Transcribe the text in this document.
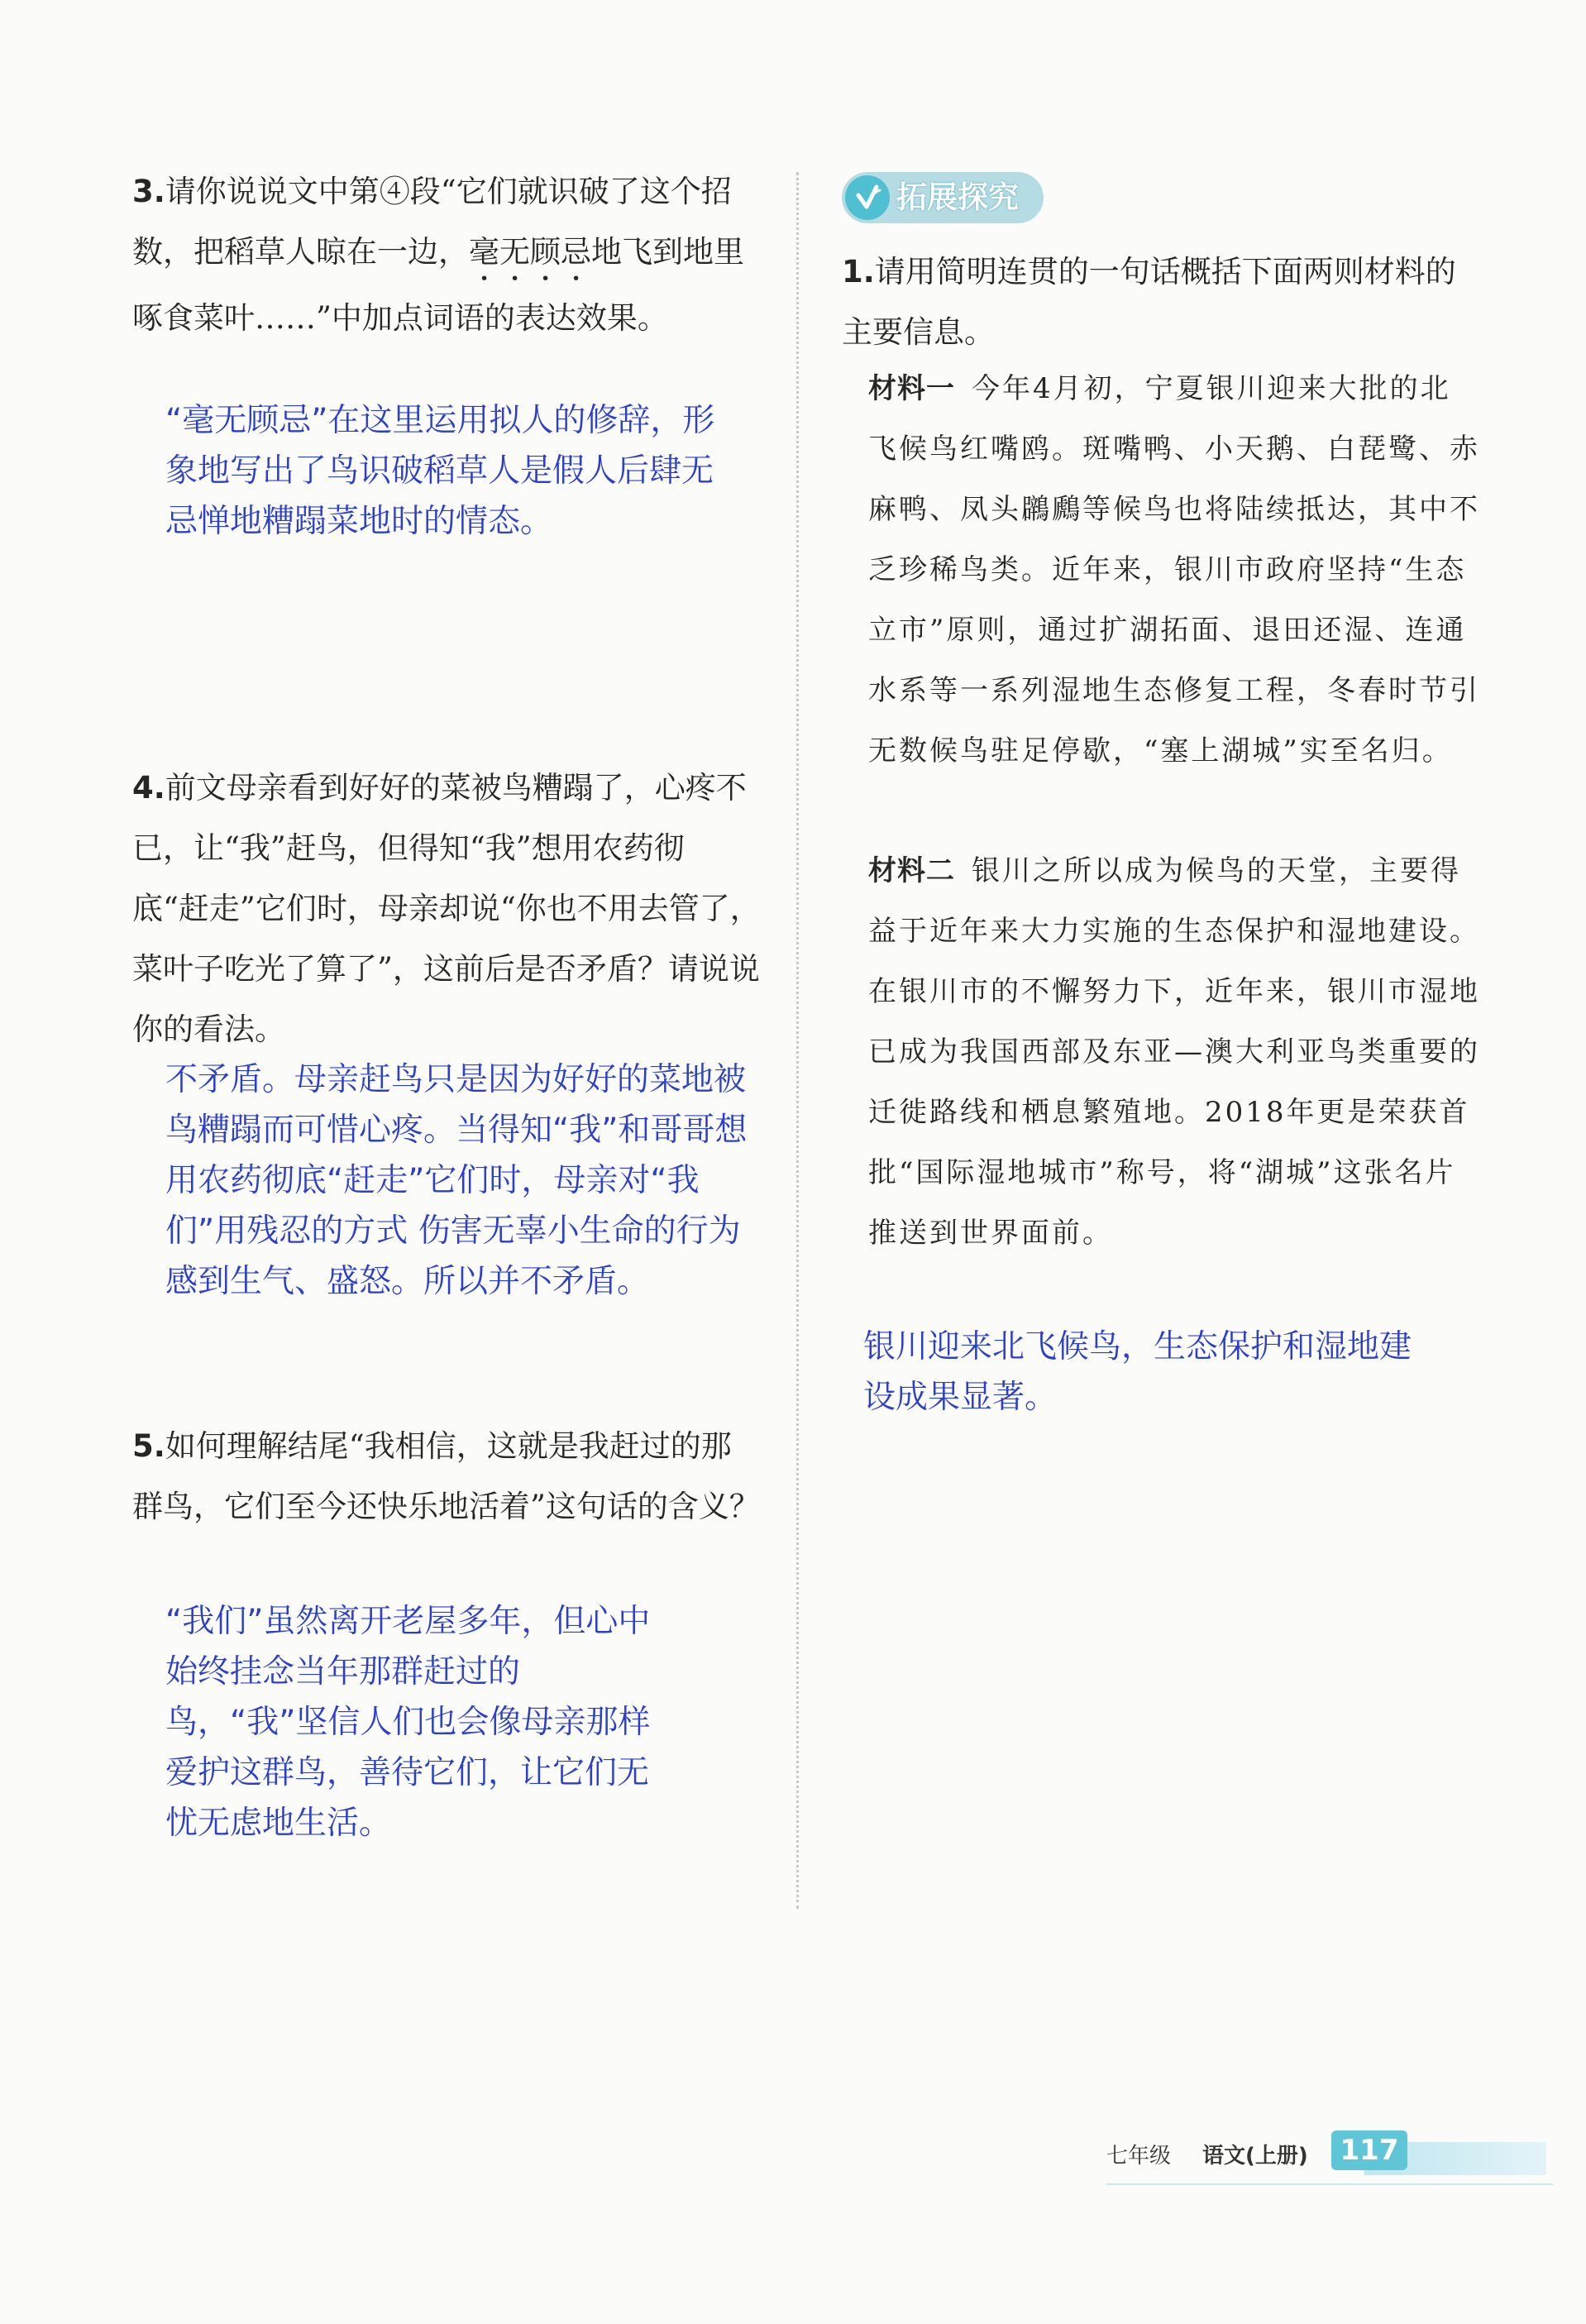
3.请你说说文中第④段“它们就识破了这个招数，把稻草人晾在一边，毫无顾忌地飞到地里啄食菜叶……”中加点词语的表达效果。
“毫无顾忌”在这里运用拟人的修辞，形象地写出了鸟识破稻草人是假人后肆无忌惮地糟蹋菜地时的情态。
4.前文母亲看到好好的菜被鸟糟蹋了，心疼不已，让“我”赶鸟，但得知“我”想用农药彻底“赶走”它们时，母亲却说“你也不用去管了，菜叶子吃光了算了”，这前后是否矛盾？请说说你的看法。
不矛盾。母亲赶鸟只是因为好好的菜地被鸟糟蹋而可惜心疼。当得知“我”和哥哥想用农药彻底“赶走”它们时，母亲对“我们”用残忍的方式 伤害无辜小生命的行为感到生气、盛怒。所以并不矛盾。
5.如何理解结尾“我相信，这就是我赶过的那群鸟，它们至今还快乐地活着”这句话的含义？
“我们”虽然离开老屋多年，但心中始终挂念当年那群赶过的鸟，“我”坚信人们也会像母亲那样爱护这群鸟，善待它们，让它们无忧无虑地生活。
拓展探究
1.请用简明连贯的一句话概括下面两则材料的主要信息。
材料一 今年4月初，宁夏银川迎来大批的北飞候鸟红嘴鸥。斑嘴鸭、小天鹅、白琵鹭、赤麻鸭、凤头鸊鷉等候鸟也将陆续抵达，其中不乏珍稀鸟类。近年来，银川市政府坚持“生态立市”原则，通过扩湖拓面、退田还湿、连通水系等一系列湿地生态修复工程，冬春时节引无数候鸟驻足停歇，“塞上湖城”实至名归。
材料二 银川之所以成为候鸟的天堂，主要得益于近年来大力实施的生态保护和湿地建设。在银川市的不懈努力下，近年来，银川市湿地已成为我国西部及东亚—澳大利亚鸟类重要的迁徙路线和栖息繁殖地。2018年更是荣获首批“国际湿地城市”称号，将“湖城”这张名片推送到世界面前。
银川迎来北飞候鸟，生态保护和湿地建设成果显著。
七年级 语文(上册)	117
